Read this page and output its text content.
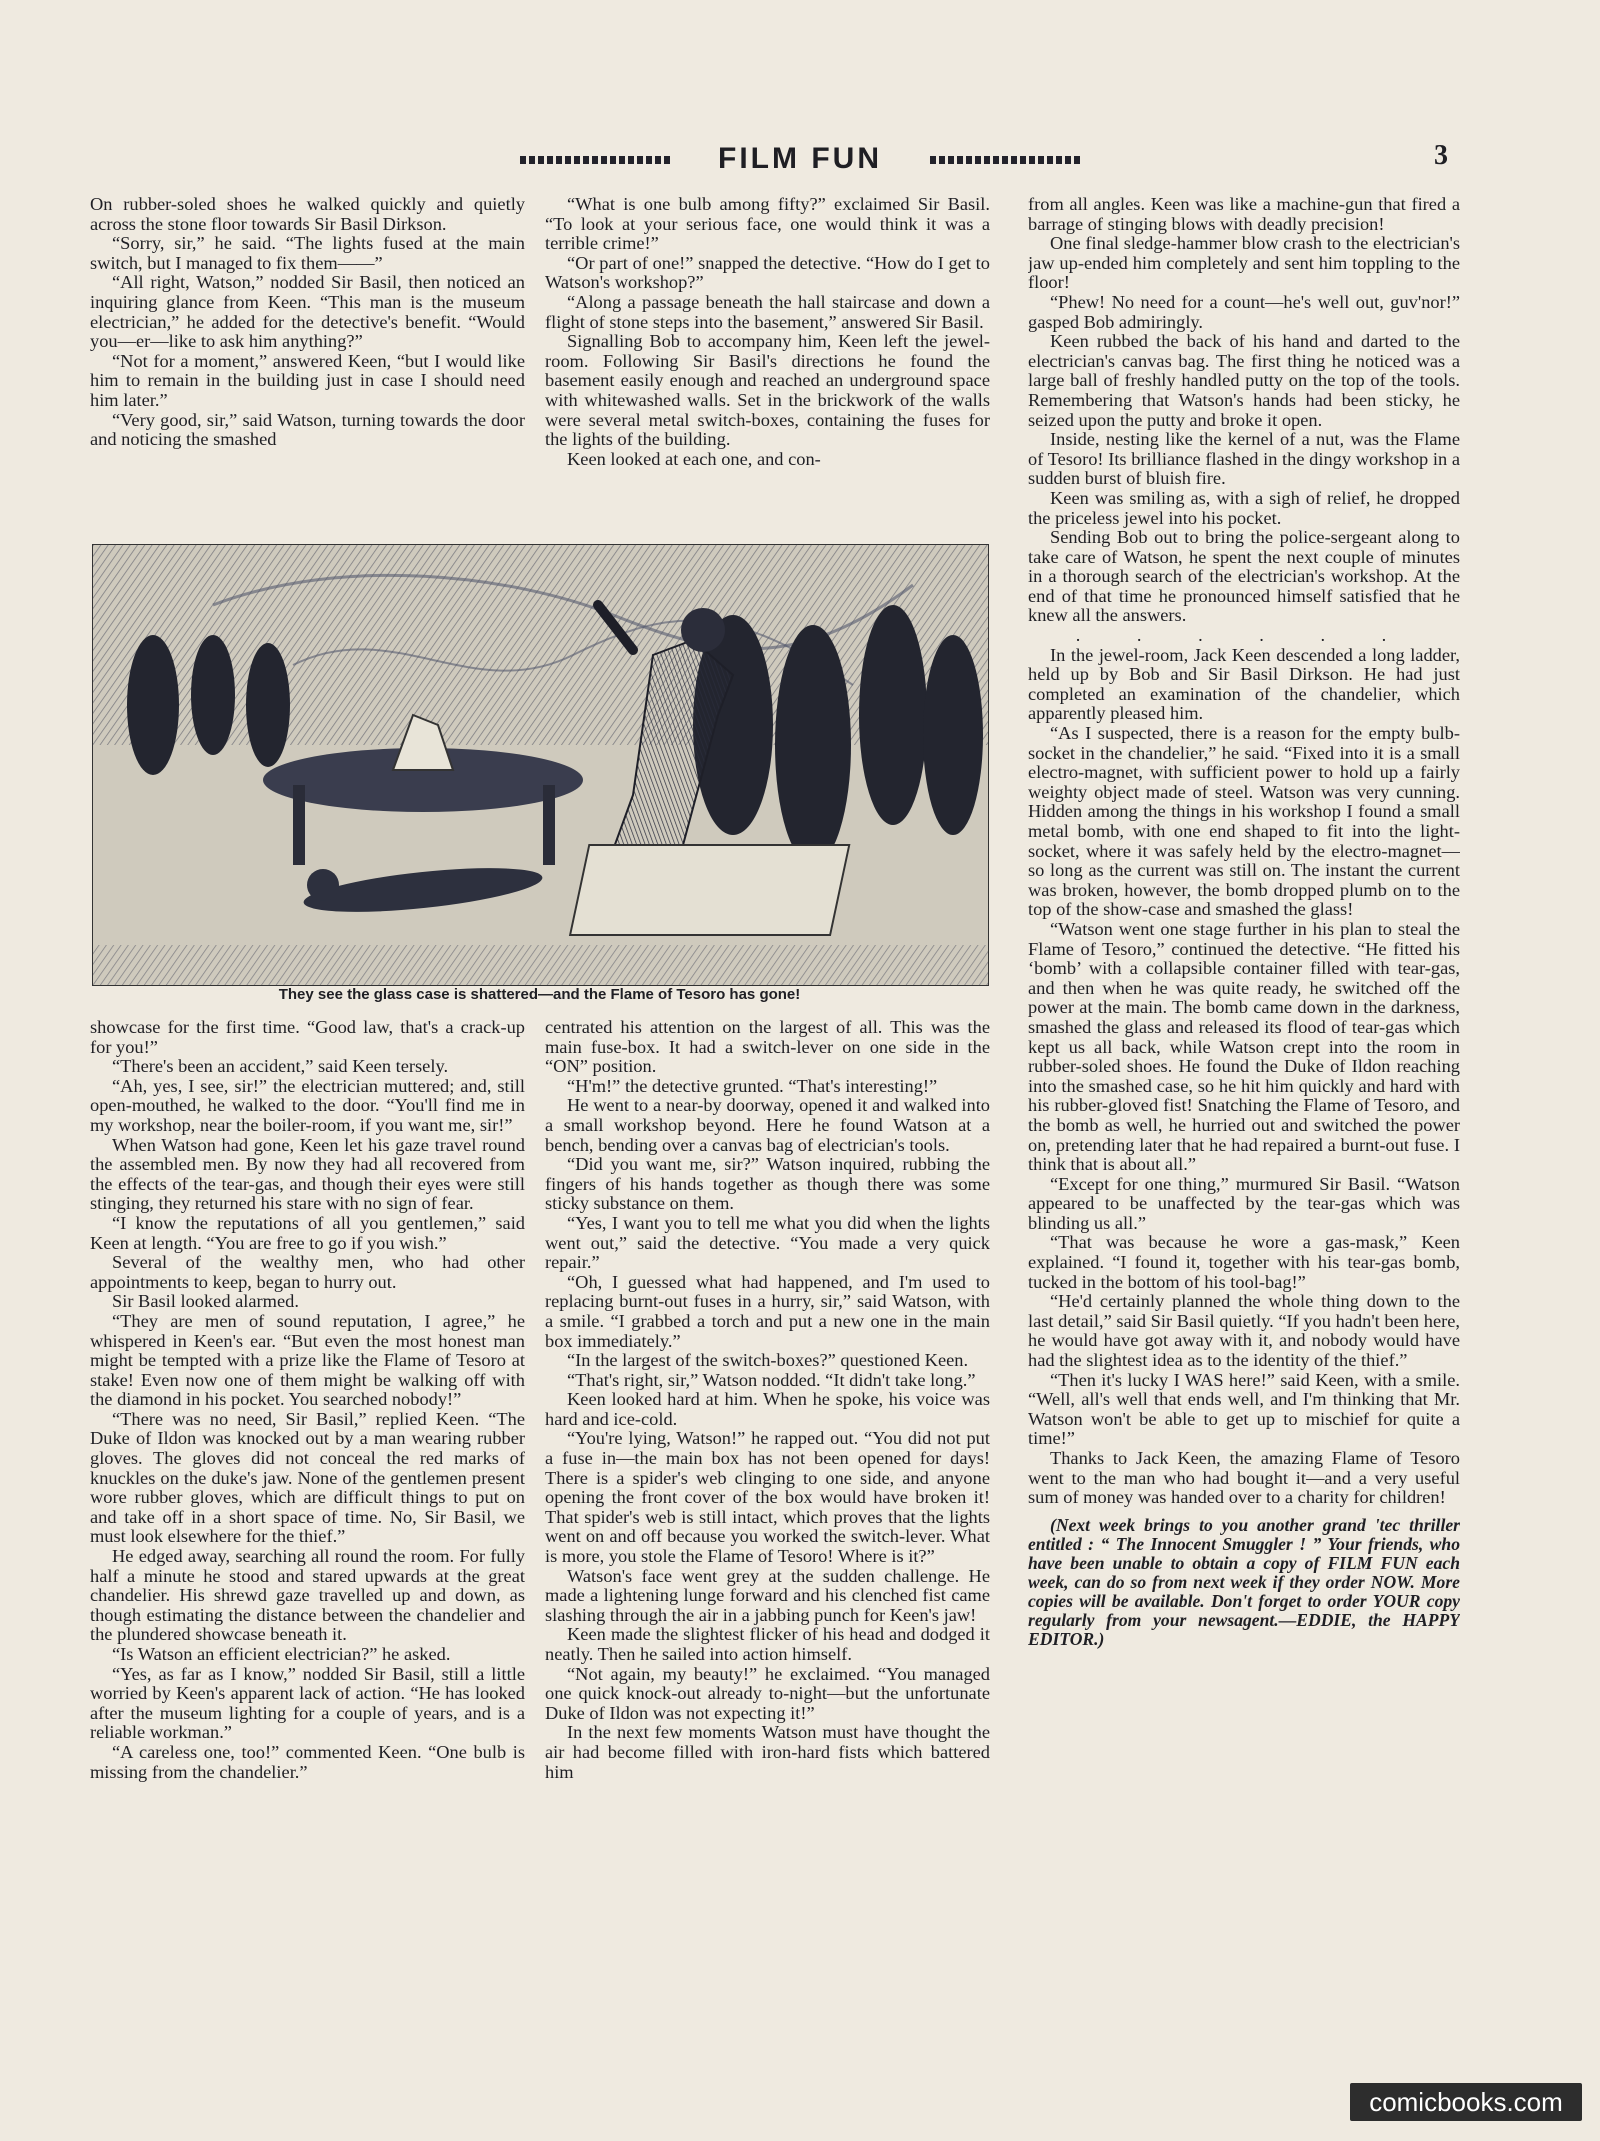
FILM FUN	3

On rubber-soled shoes he walked quickly and quietly across the stone floor towards Sir Basil Dirkson.

“Sorry, sir,” he said. “The lights fused at the main switch, but I managed to fix them——”

“All right, Watson,” nodded Sir Basil, then noticed an inquiring glance from Keen. “This man is the museum electrician,” he added for the detective's benefit. “Would you—er—like to ask him anything?”

“Not for a moment,” answered Keen, “but I would like him to remain in the building just in case I should need him later.”

“Very good, sir,” said Watson, turning towards the door and noticing the smashed

“What is one bulb among fifty?” exclaimed Sir Basil. “To look at your serious face, one would think it was a terrible crime!”

“Or part of one!” snapped the detective. “How do I get to Watson's workshop?”

“Along a passage beneath the hall staircase and down a flight of stone steps into the basement,” answered Sir Basil.

Signalling Bob to accompany him, Keen left the jewel-room. Following Sir Basil's directions he found the basement easily enough and reached an underground space with whitewashed walls. Set in the brickwork of the walls were several metal switch-boxes, containing the fuses for the lights of the building.

Keen looked at each one, and con-

They see the glass case is shattered—and the Flame of Tesoro has gone!

showcase for the first time. “Good law, that's a crack-up for you!”

“There's been an accident,” said Keen tersely.

“Ah, yes, I see, sir!” the electrician muttered; and, still open-mouthed, he walked to the door. “You'll find me in my workshop, near the boiler-room, if you want me, sir!”

When Watson had gone, Keen let his gaze travel round the assembled men. By now they had all recovered from the effects of the tear-gas, and though their eyes were still stinging, they returned his stare with no sign of fear.

“I know the reputations of all you gentlemen,” said Keen at length. “You are free to go if you wish.”

Several of the wealthy men, who had other appointments to keep, began to hurry out.

Sir Basil looked alarmed.

“They are men of sound reputation, I agree,” he whispered in Keen's ear. “But even the most honest man might be tempted with a prize like the Flame of Tesoro at stake! Even now one of them might be walking off with the diamond in his pocket. You searched nobody!”

“There was no need, Sir Basil,” replied Keen. “The Duke of Ildon was knocked out by a man wearing rubber gloves. The gloves did not conceal the red marks of knuckles on the duke's jaw. None of the gentlemen present wore rubber gloves, which are difficult things to put on and take off in a short space of time. No, Sir Basil, we must look elsewhere for the thief.”

He edged away, searching all round the room. For fully half a minute he stood and stared upwards at the great chandelier. His shrewd gaze travelled up and down, as though estimating the distance between the chandelier and the plundered showcase beneath it.

“Is Watson an efficient electrician?” he asked.

“Yes, as far as I know,” nodded Sir Basil, still a little worried by Keen's apparent lack of action. “He has looked after the museum lighting for a couple of years, and is a reliable workman.”

“A careless one, too!” commented Keen. “One bulb is missing from the chandelier.”

centrated his attention on the largest of all. This was the main fuse-box. It had a switch-lever on one side in the “ON” position.

“H'm!” the detective grunted. “That's interesting!”

He went to a near-by doorway, opened it and walked into a small workshop beyond. Here he found Watson at a bench, bending over a canvas bag of electrician's tools.

“Did you want me, sir?” Watson inquired, rubbing the fingers of his hands together as though there was some sticky substance on them.

“Yes, I want you to tell me what you did when the lights went out,” said the detective. “You made a very quick repair.”

“Oh, I guessed what had happened, and I'm used to replacing burnt-out fuses in a hurry, sir,” said Watson, with a smile. “I grabbed a torch and put a new one in the main box immediately.”

“In the largest of the switch-boxes?” questioned Keen.

“That's right, sir,” Watson nodded. “It didn't take long.”

Keen looked hard at him. When he spoke, his voice was hard and ice-cold.

“You're lying, Watson!” he rapped out. “You did not put a fuse in—the main box has not been opened for days! There is a spider's web clinging to one side, and anyone opening the front cover of the box would have broken it! That spider's web is still intact, which proves that the lights went on and off because you worked the switch-lever. What is more, you stole the Flame of Tesoro! Where is it?”

Watson's face went grey at the sudden challenge. He made a lightening lunge forward and his clenched fist came slashing through the air in a jabbing punch for Keen's jaw!

Keen made the slightest flicker of his head and dodged it neatly. Then he sailed into action himself.

“Not again, my beauty!” he exclaimed. “You managed one quick knock-out already to-night—but the unfortunate Duke of Ildon was not expecting it!”

In the next few moments Watson must have thought the air had become filled with iron-hard fists which battered him

from all angles. Keen was like a machine-gun that fired a barrage of stinging blows with deadly precision!

One final sledge-hammer blow crash to the electrician's jaw up-ended him completely and sent him toppling to the floor!

“Phew! No need for a count—he's well out, guv'nor!” gasped Bob admiringly.

Keen rubbed the back of his hand and darted to the electrician's canvas bag. The first thing he noticed was a large ball of freshly handled putty on the top of the tools. Remembering that Watson's hands had been sticky, he seized upon the putty and broke it open.

Inside, nesting like the kernel of a nut, was the Flame of Tesoro! Its brilliance flashed in the dingy workshop in a sudden burst of bluish fire.

Keen was smiling as, with a sigh of relief, he dropped the priceless jewel into his pocket.

Sending Bob out to bring the police-sergeant along to take care of Watson, he spent the next couple of minutes in a thorough search of the electrician's workshop. At the end of that time he pronounced himself satisfied that he knew all the answers.

. . . . . .

In the jewel-room, Jack Keen descended a long ladder, held up by Bob and Sir Basil Dirkson. He had just completed an examination of the chandelier, which apparently pleased him.

“As I suspected, there is a reason for the empty bulb-socket in the chandelier,” he said. “Fixed into it is a small electro-magnet, with sufficient power to hold up a fairly weighty object made of steel. Watson was very cunning. Hidden among the things in his workshop I found a small metal bomb, with one end shaped to fit into the light-socket, where it was safely held by the electro-magnet—so long as the current was still on. The instant the current was broken, however, the bomb dropped plumb on to the top of the show-case and smashed the glass!

“Watson went one stage further in his plan to steal the Flame of Tesoro,” continued the detective. “He fitted his ‘bomb’ with a collapsible container filled with tear-gas, and then when he was quite ready, he switched off the power at the main. The bomb came down in the darkness, smashed the glass and released its flood of tear-gas which kept us all back, while Watson crept into the room in rubber-soled shoes. He found the Duke of Ildon reaching into the smashed case, so he hit him quickly and hard with his rubber-gloved fist! Snatching the Flame of Tesoro, and the bomb as well, he hurried out and switched the power on, pretending later that he had repaired a burnt-out fuse. I think that is about all.”

“Except for one thing,” murmured Sir Basil. “Watson appeared to be unaffected by the tear-gas which was blinding us all.”

“That was because he wore a gas-mask,” Keen explained. “I found it, together with his tear-gas bomb, tucked in the bottom of his tool-bag!”

“He'd certainly planned the whole thing down to the last detail,” said Sir Basil quietly. “If you hadn't been here, he would have got away with it, and nobody would have had the slightest idea as to the identity of the thief.”

“Then it's lucky I WAS here!” said Keen, with a smile. “Well, all's well that ends well, and I'm thinking that Mr. Watson won't be able to get up to mischief for quite a time!”

Thanks to Jack Keen, the amazing Flame of Tesoro went to the man who had bought it—and a very useful sum of money was handed over to a charity for children!

(Next week brings to you another grand 'tec thriller entitled : “ The Innocent Smuggler ! ” Your friends, who have been unable to obtain a copy of FILM FUN each week, can do so from next week if they order NOW. More copies will be available. Don't forget to order YOUR copy regularly from your newsagent.—EDDIE, the HAPPY EDITOR.)

comicbooks.com
